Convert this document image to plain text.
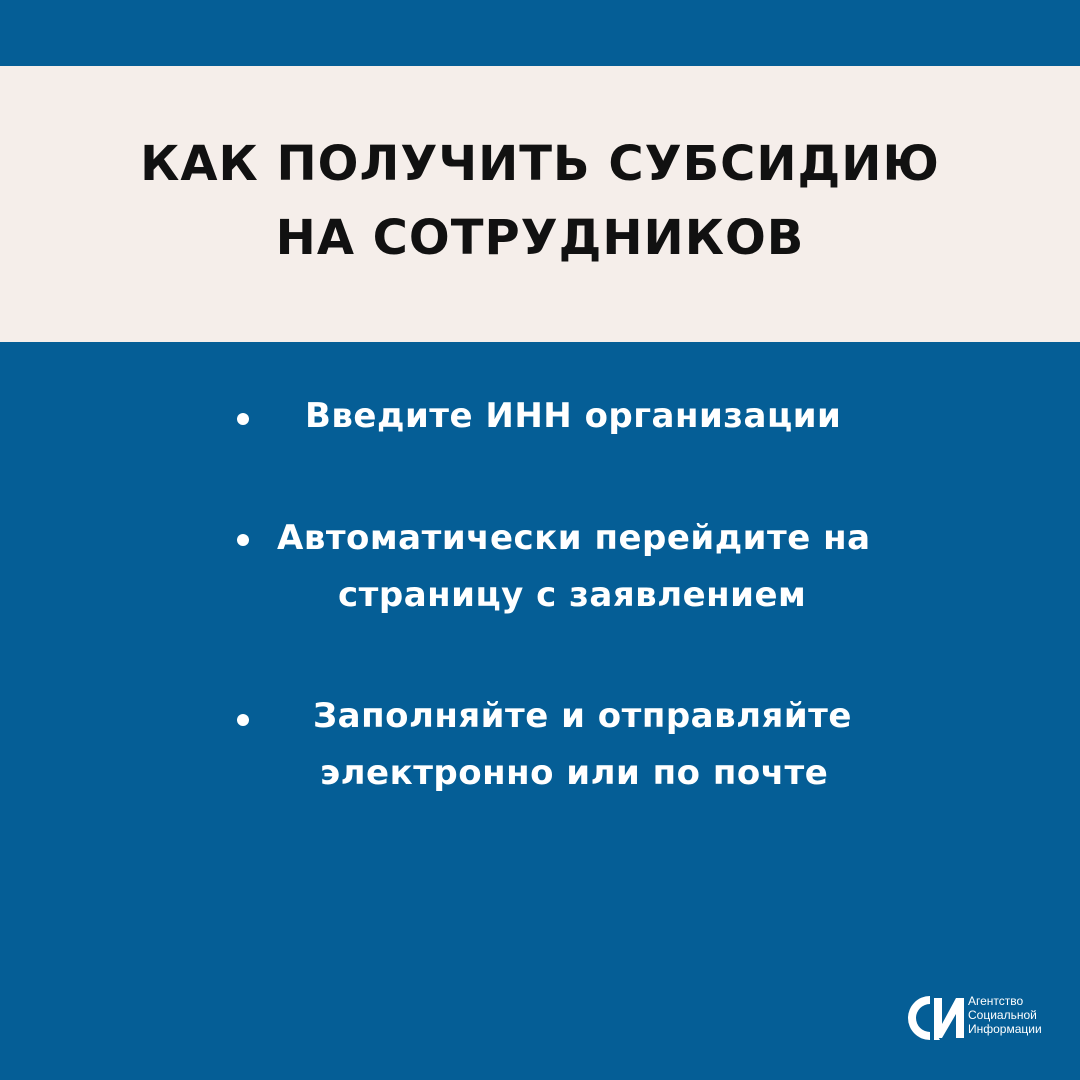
КАК ПОЛУЧИТЬ СУБСИДИЮ
НА СОТРУДНИКОВ
Введите ИНН организации
Автоматически перейдите на
страницу с заявлением
Заполняйте и отправляйте
электронно или по почте
Агентство
Социальной
Информации
